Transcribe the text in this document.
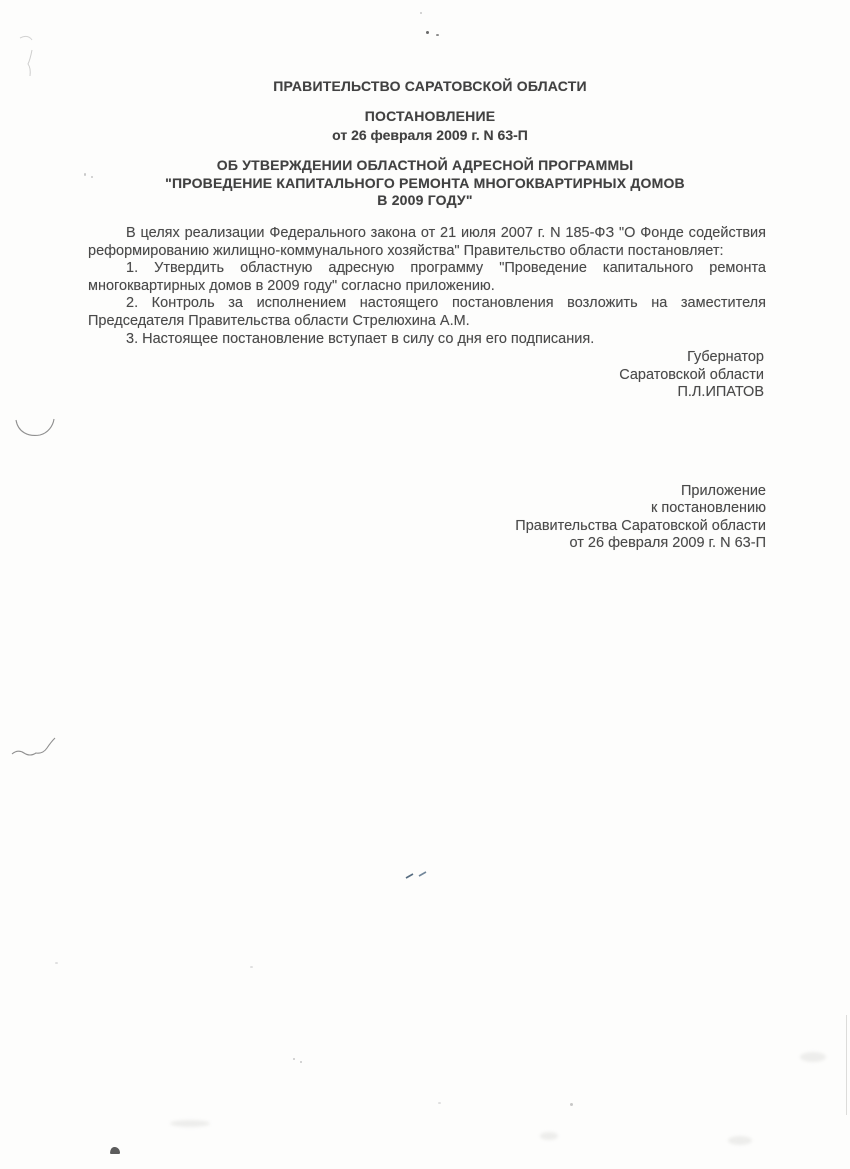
ПРАВИТЕЛЬСТВО САРАТОВСКОЙ ОБЛАСТИ
ПОСТАНОВЛЕНИЕ
от 26 февраля 2009 г. N 63-П
ОБ УТВЕРЖДЕНИИ ОБЛАСТНОЙ АДРЕСНОЙ ПРОГРАММЫ
"ПРОВЕДЕНИЕ КАПИТАЛЬНОГО РЕМОНТА МНОГОКВАРТИРНЫХ ДОМОВ
В 2009 ГОДУ"

В целях реализации Федерального закона от 21 июля 2007 г. N 185-ФЗ "О Фонде содействия реформированию жилищно-коммунального хозяйства" Правительство области постановляет:

1. Утвердить областную адресную программу "Проведение капитального ремонта многоквартирных домов в 2009 году" согласно приложению.

2. Контроль за исполнением настоящего постановления возложить на заместителя Председателя Правительства области Стрелюхина А.М.

3. Настоящее постановление вступает в силу со дня его подписания.

Губернатор
Саратовской области
П.Л.ИПАТОВ
Приложение
к постановлению
Правительства Саратовской области
от 26 февраля 2009 г. N 63-П
